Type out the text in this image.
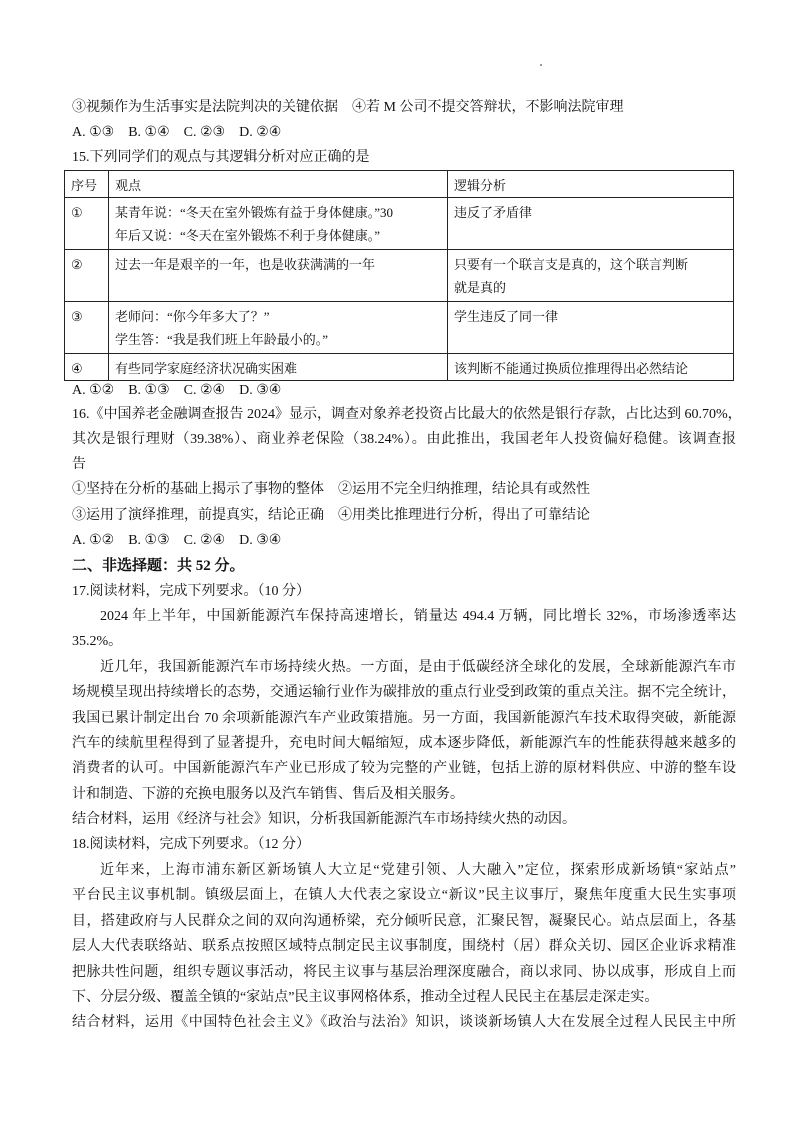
③视频作为生活事实是法院判决的关键依据　④若 M 公司不提交答辩状，不影响法院审理
A. ①③　B. ①④　C. ②③　D. ②④
15.下列同学们的观点与其逻辑分析对应正确的是
序号	观点	逻辑分析
①	某青年说：“冬天在室外锻炼有益于身体健康。”30
年后又说：“冬天在室外锻炼不利于身体健康。”	违反了矛盾律

②	过去一年是艰辛的一年，也是收获满满的一年	只要有一个联言支是真的，这个联言判断
就是真的

③	老师问：“你今年多大了？”
学生答：“我是我们班上年龄最小的。”	学生违反了同一律

④	有些同学家庭经济状况确实困难	该判断不能通过换质位推理得出必然结论
A. ①②　B. ①③　C. ②④　D. ③④
16.《中国养老金融调查报告 2024》显示，调查对象养老投资占比最大的依然是银行存款，占比达到 60.70%，
其次是银行理财（39.38%）、商业养老保险（38.24%）。由此推出，我国老年人投资偏好稳健。该调查报
告
①坚持在分析的基础上揭示了事物的整体　②运用不完全归纳推理，结论具有或然性
③运用了演绎推理，前提真实，结论正确　④用类比推理进行分析，得出了可靠结论
A. ①②　B. ①③　C. ②④　D. ③④
二、非选择题：共 52 分。
17.阅读材料，完成下列要求。（10 分）
2024 年上半年，中国新能源汽车保持高速增长，销量达 494.4 万辆，同比增长 32%，市场渗透率达
35.2%。
近几年，我国新能源汽车市场持续火热。一方面，是由于低碳经济全球化的发展，全球新能源汽车市
场规模呈现出持续增长的态势，交通运输行业作为碳排放的重点行业受到政策的重点关注。据不完全统计，
我国已累计制定出台 70 余项新能源汽车产业政策措施。另一方面，我国新能源汽车技术取得突破，新能源
汽车的续航里程得到了显著提升，充电时间大幅缩短，成本逐步降低，新能源汽车的性能获得越来越多的
消费者的认可。中国新能源汽车产业已形成了较为完整的产业链，包括上游的原材料供应、中游的整车设
计和制造、下游的充换电服务以及汽车销售、售后及相关服务。
结合材料，运用《经济与社会》知识，分析我国新能源汽车市场持续火热的动因。
18.阅读材料，完成下列要求。（12 分）
近年来，上海市浦东新区新场镇人大立足“党建引领、人大融入”定位，探索形成新场镇“家站点”
平台民主议事机制。镇级层面上，在镇人大代表之家设立“新议”民主议事厅，聚焦年度重大民生实事项
目，搭建政府与人民群众之间的双向沟通桥梁，充分倾听民意，汇聚民智，凝聚民心。站点层面上，各基
层人大代表联络站、联系点按照区域特点制定民主议事制度，围绕村（居）群众关切、园区企业诉求精准
把脉共性问题，组织专题议事活动，将民主议事与基层治理深度融合，商以求同、协以成事，形成自上而
下、分层分级、覆盖全镇的“家站点”民主议事网格体系，推动全过程人民民主在基层走深走实。
结合材料，运用《中国特色社会主义》《政治与法治》知识，谈谈新场镇人大在发展全过程人民民主中所
